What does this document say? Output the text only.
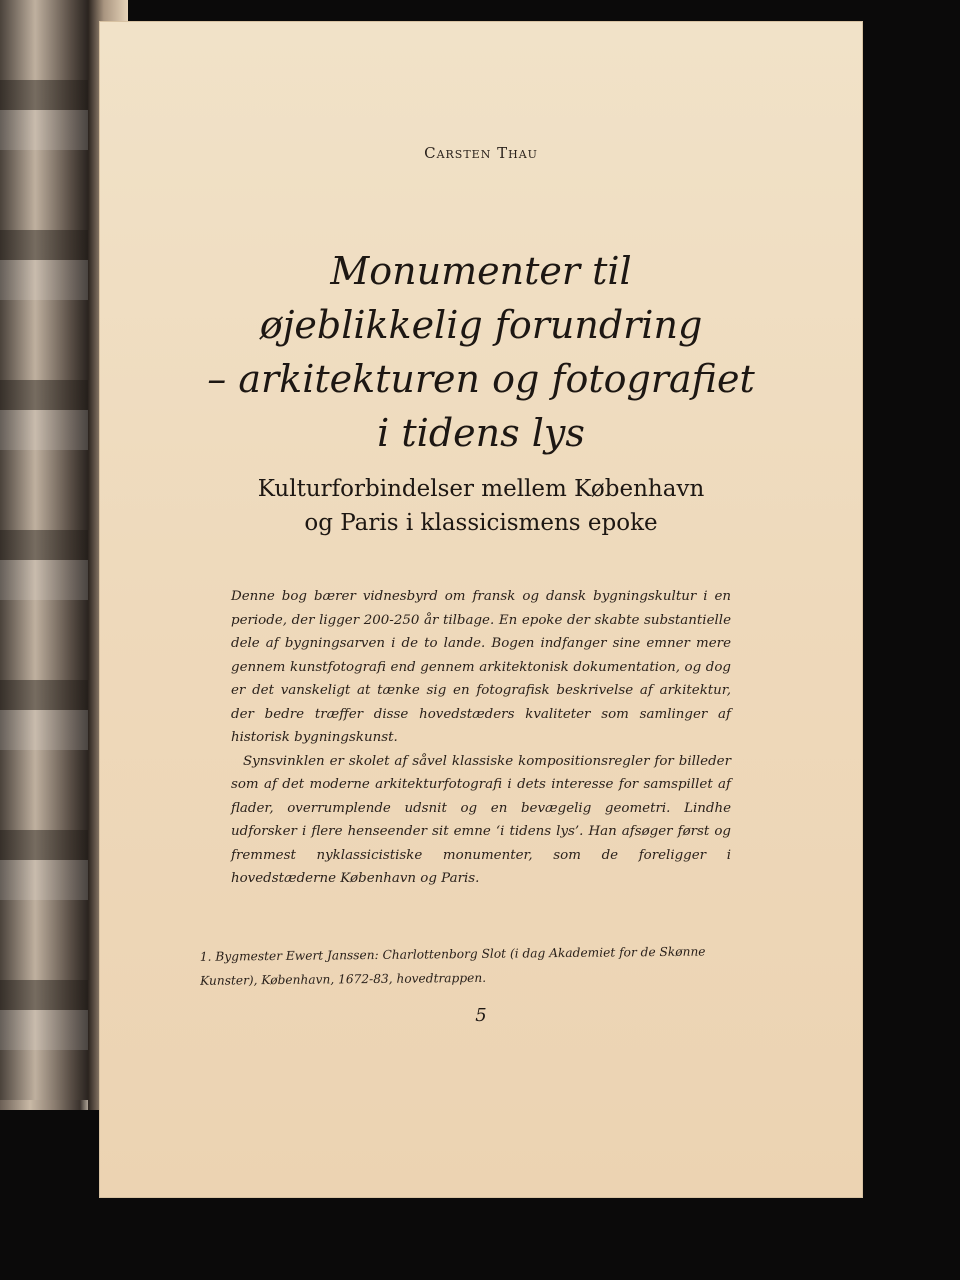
Carsten Thau
Monumenter til
øjeblikkelig forundring
– arkitekturen og fotografiet
i tidens lys
Kulturforbindelser mellem København
og Paris i klassicismens epoke

Denne bog bærer vidnesbyrd om fransk og dansk bygningskultur i en periode, der ligger 200-250 år tilbage. En epoke der skabte substantielle dele af bygningsarven i de to lande. Bogen indfanger sine emner mere gennem kunstfotografi end gennem arkitektonisk dokumentation, og dog er det vanskeligt at tænke sig en fotografisk beskrivelse af arkitektur, der bedre træffer disse hovedstæders kvaliteter som samlinger af historisk bygningskunst.

Synsvinklen er skolet af såvel klassiske kompositionsregler for billeder som af det moderne arkitekturfotografi i dets interesse for samspillet af flader, overrumplende udsnit og en bevægelig geometri. Lindhe udforsker i flere henseender sit emne ‘i tidens lys’. Han afsøger først og fremmest nyklassicistiske monumenter, som de foreligger i hovedstæderne København og Paris.

1. Bygmester Ewert Janssen: Charlottenborg Slot (i dag Akademiet for de Skønne Kunster), København, 1672-83, hovedtrappen.
5
